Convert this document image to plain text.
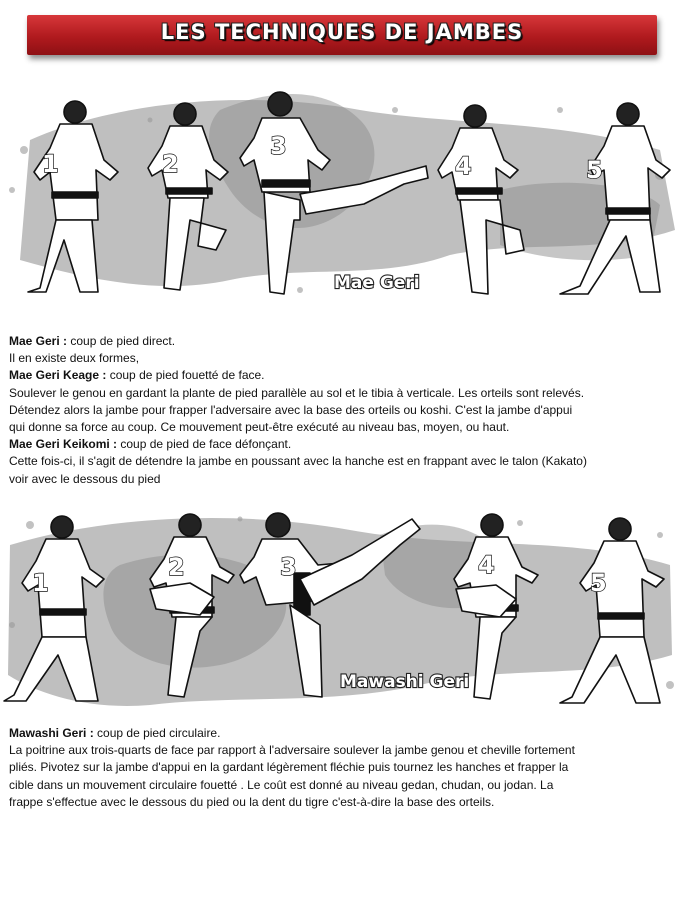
LES TECHNIQUES DE JAMBES
1	2
3
4	5
Mae Geri

Mae Geri : coup de pied direct.

Il en existe deux formes,

Mae Geri Keage : coup de pied fouetté de face.

Soulever le genou en gardant la plante de pied parallèle au sol et le tibia à verticale. Les orteils sont relevés.

Détendez alors la jambe pour frapper l'adversaire avec la base des orteils ou koshi. C'est la jambe d'appui

qui donne sa force au coup. Ce mouvement peut-être exécuté au niveau bas, moyen, ou haut.

Mae Geri Keikomi : coup de pied de face défonçant.

Cette fois-ci, il s'agit de détendre la jambe en poussant avec la hanche est en frappant avec le talon (Kakato)

voir avec le dessous du pied

1
2	3	4
5
Mawashi Geri

Mawashi Geri : coup de pied circulaire.

La poitrine aux trois-quarts de face par rapport à l'adversaire soulever la jambe genou et cheville fortement

pliés. Pivotez sur la jambe d'appui en la gardant légèrement fléchie puis tournez les hanches et frapper la

cible dans un mouvement circulaire fouetté . Le coût est donné au niveau gedan, chudan, ou jodan. La

frappe s'effectue avec le dessous du pied ou la dent du tigre c'est-à-dire la base des orteils.
